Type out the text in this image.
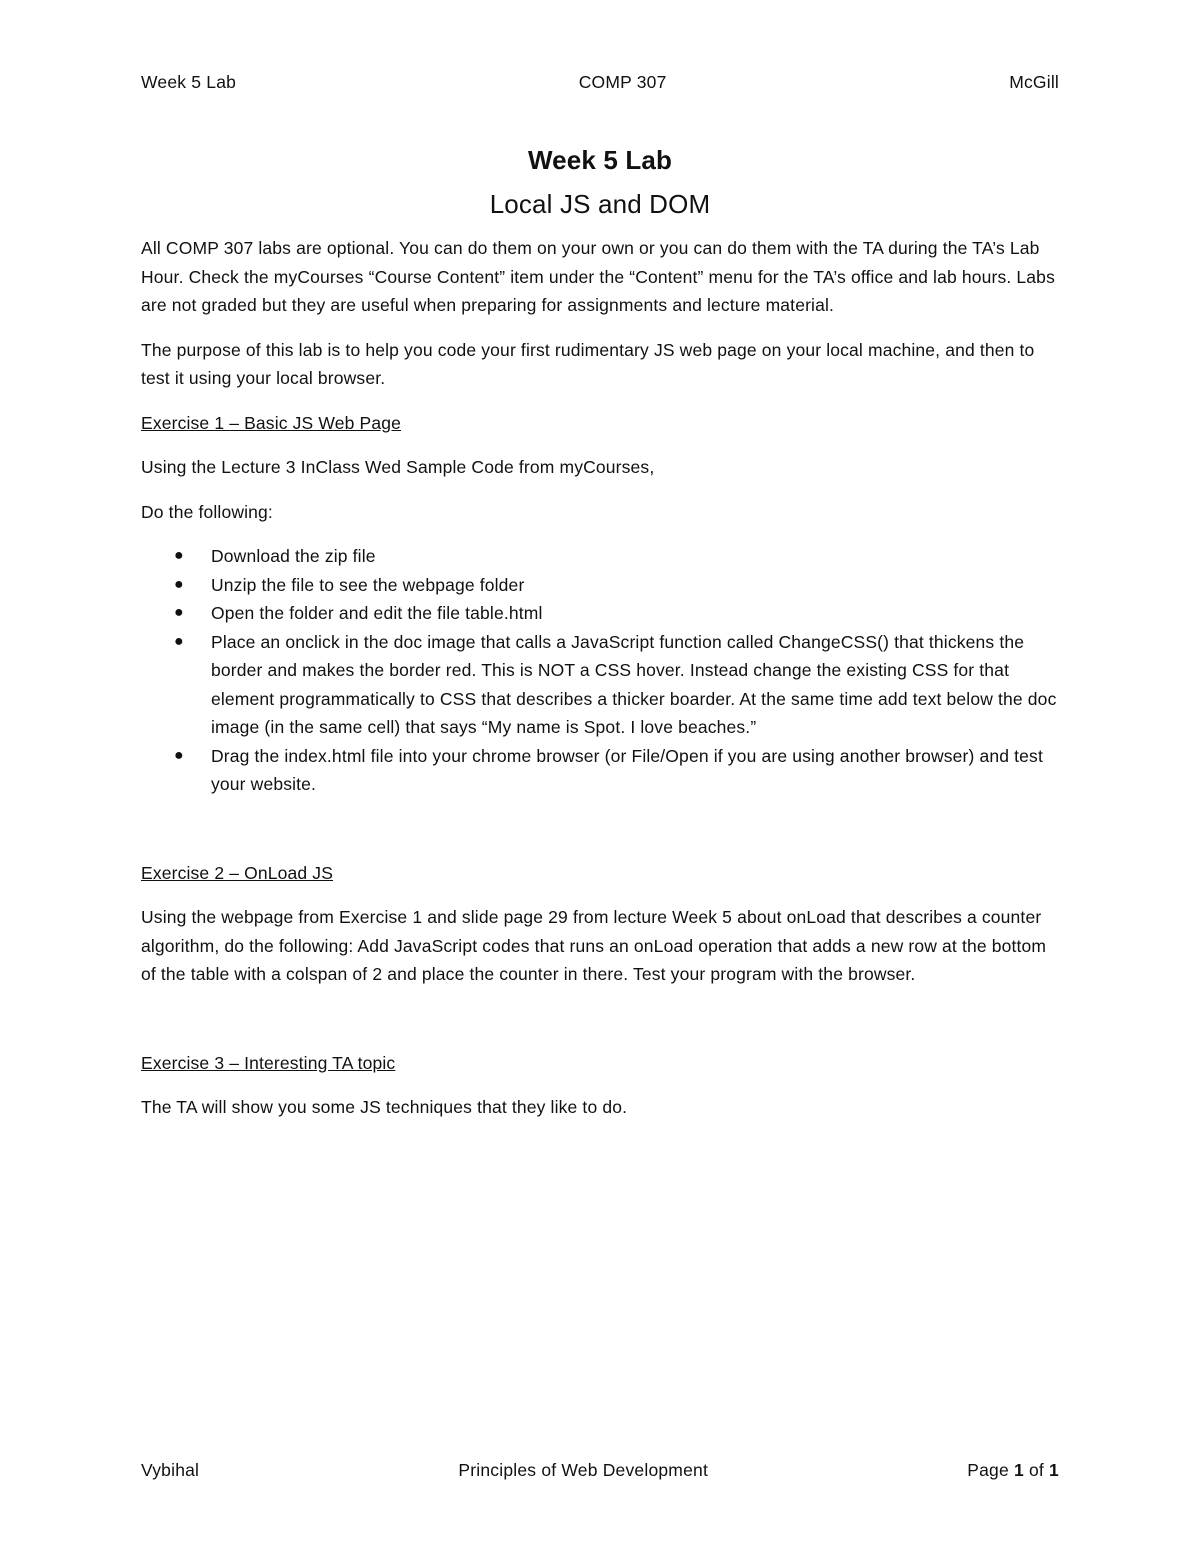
Week 5 Lab	COMP 307	McGill
Week 5 Lab
Local JS and DOM

All COMP 307 labs are optional. You can do them on your own or you can do them with the TA during the TA’s Lab Hour. Check the myCourses “Course Content” item under the “Content” menu for the TA’s office and lab hours. Labs are not graded but they are useful when preparing for assignments and lecture material.

The purpose of this lab is to help you code your first rudimentary JS web page on your local machine, and then to test it using your local browser.

Exercise 1 – Basic JS Web Page

Using the Lecture 3 InClass Wed Sample Code from myCourses,

Do the following:

● Download the zip file
● Unzip the file to see the webpage folder
● Open the folder and edit the file table.html
● Place an onclick in the doc image that calls a JavaScript function called ChangeCSS() that thickens the border and makes the border red. This is NOT a CSS hover. Instead change the existing CSS for that element programmatically to CSS that describes a thicker boarder. At the same time add text below the doc image (in the same cell) that says “My name is Spot. I love beaches.”
● Drag the index.html file into your chrome browser (or File/Open if you are using another browser) and test your website.
Exercise 2 – OnLoad JS

Using the webpage from Exercise 1 and slide page 29 from lecture Week 5 about onLoad that describes a counter algorithm, do the following: Add JavaScript codes that runs an onLoad operation that adds a new row at the bottom of the table with a colspan of 2 and place the counter in there. Test your program with the browser.

Exercise 3 – Interesting TA topic

The TA will show you some JS techniques that they like to do.

Vybihal	Principles of Web Development	Page 1 of 1
